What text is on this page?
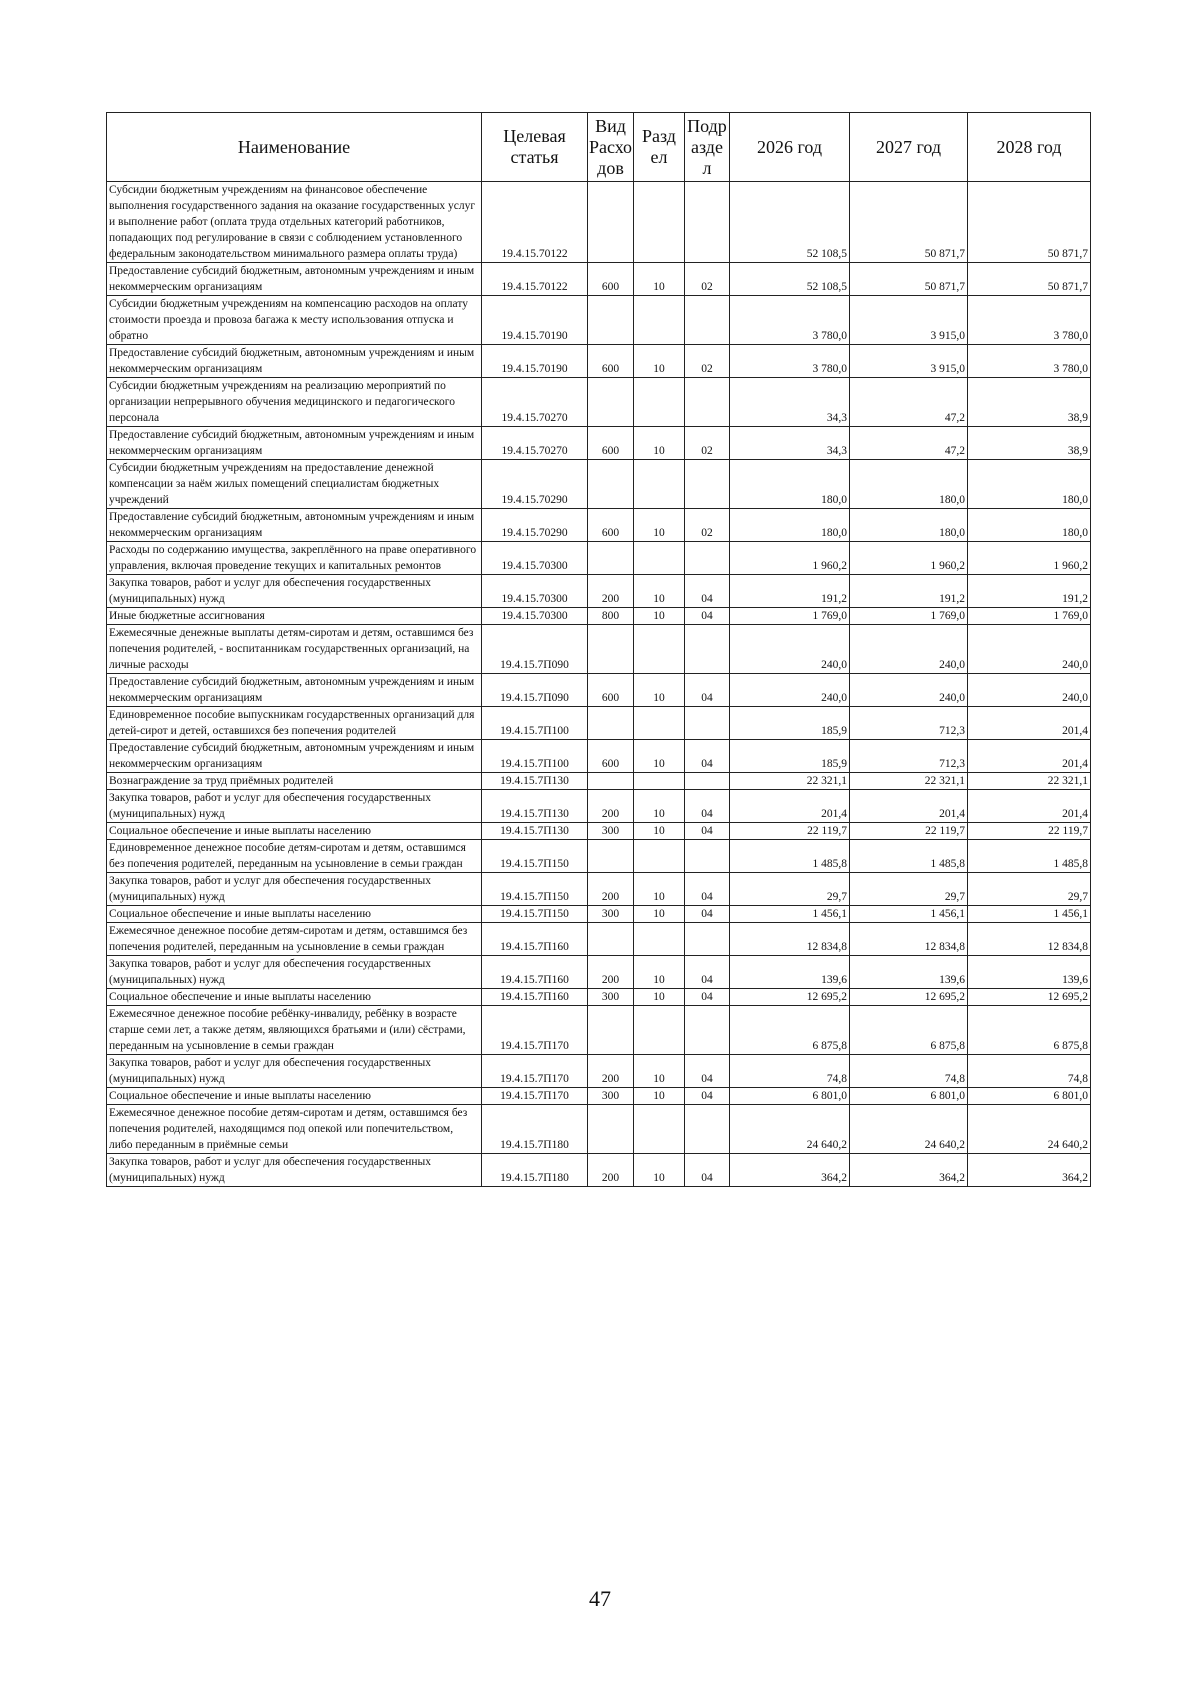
Наименование	Целевая статья	Вид Расхо дов	Разд ел	Подр азде л	2026 год	2027 год	2028 год
Субсидии бюджетным учреждениям на финансовое обеспечение выполнения государственного задания на оказание государственных услуг и выполнение работ (оплата труда отдельных категорий работников, попадающих под регулирование в связи с соблюдением установленного федеральным законодательством минимального размера оплаты труда)	19.4.15.70122				52 108,5	50 871,7	50 871,7
Предоставление субсидий бюджетным, автономным учреждениям и иным некоммерческим организациям	19.4.15.70122	600	10	02	52 108,5	50 871,7	50 871,7
Субсидии бюджетным учреждениям на компенсацию расходов на оплату стоимости проезда и провоза багажа к месту использования отпуска и обратно	19.4.15.70190				3 780,0	3 915,0	3 780,0
Предоставление субсидий бюджетным, автономным учреждениям и иным некоммерческим организациям	19.4.15.70190	600	10	02	3 780,0	3 915,0	3 780,0
Субсидии бюджетным учреждениям на реализацию мероприятий по организации непрерывного обучения медицинского и педагогического персонала	19.4.15.70270				34,3	47,2	38,9
Предоставление субсидий бюджетным, автономным учреждениям и иным некоммерческим организациям	19.4.15.70270	600	10	02	34,3	47,2	38,9
Субсидии бюджетным учреждениям на предоставление денежной компенсации за наём жилых помещений специалистам бюджетных учреждений	19.4.15.70290				180,0	180,0	180,0
Предоставление субсидий бюджетным, автономным учреждениям и иным некоммерческим организациям	19.4.15.70290	600	10	02	180,0	180,0	180,0
Расходы по содержанию имущества, закреплённого на праве оперативного управления, включая проведение текущих и капитальных ремонтов	19.4.15.70300				1 960,2	1 960,2	1 960,2
Закупка товаров, работ и услуг для обеспечения государственных (муниципальных) нужд	19.4.15.70300	200	10	04	191,2	191,2	191,2
Иные бюджетные ассигнования	19.4.15.70300	800	10	04	1 769,0	1 769,0	1 769,0
Ежемесячные денежные выплаты детям-сиротам и детям, оставшимся без попечения родителей, - воспитанникам государственных организаций, на личные расходы	19.4.15.7П090				240,0	240,0	240,0
Предоставление субсидий бюджетным, автономным учреждениям и иным некоммерческим организациям	19.4.15.7П090	600	10	04	240,0	240,0	240,0
Единовременное пособие выпускникам государственных организаций для детей-сирот и детей, оставшихся без попечения родителей	19.4.15.7П100				185,9	712,3	201,4
Предоставление субсидий бюджетным, автономным учреждениям и иным некоммерческим организациям	19.4.15.7П100	600	10	04	185,9	712,3	201,4
Вознаграждение за труд приёмных родителей	19.4.15.7П130				22 321,1	22 321,1	22 321,1
Закупка товаров, работ и услуг для обеспечения государственных (муниципальных) нужд	19.4.15.7П130	200	10	04	201,4	201,4	201,4
Социальное обеспечение и иные выплаты населению	19.4.15.7П130	300	10	04	22 119,7	22 119,7	22 119,7
Единовременное денежное пособие детям-сиротам и детям, оставшимся без попечения родителей, переданным на усыновление в семьи граждан	19.4.15.7П150				1 485,8	1 485,8	1 485,8
Закупка товаров, работ и услуг для обеспечения государственных (муниципальных) нужд	19.4.15.7П150	200	10	04	29,7	29,7	29,7
Социальное обеспечение и иные выплаты населению	19.4.15.7П150	300	10	04	1 456,1	1 456,1	1 456,1
Ежемесячное денежное пособие детям-сиротам и детям, оставшимся без попечения родителей, переданным на усыновление в семьи граждан	19.4.15.7П160				12 834,8	12 834,8	12 834,8
Закупка товаров, работ и услуг для обеспечения государственных (муниципальных) нужд	19.4.15.7П160	200	10	04	139,6	139,6	139,6
Социальное обеспечение и иные выплаты населению	19.4.15.7П160	300	10	04	12 695,2	12 695,2	12 695,2
Ежемесячное денежное пособие ребёнку-инвалиду, ребёнку в возрасте старше семи лет, а также детям, являющихся братьями и (или) сёстрами, переданным на усыновление в семьи граждан	19.4.15.7П170				6 875,8	6 875,8	6 875,8
Закупка товаров, работ и услуг для обеспечения государственных (муниципальных) нужд	19.4.15.7П170	200	10	04	74,8	74,8	74,8
Социальное обеспечение и иные выплаты населению	19.4.15.7П170	300	10	04	6 801,0	6 801,0	6 801,0
Ежемесячное денежное пособие детям-сиротам и детям, оставшимся без попечения родителей, находящимся под опекой или попечительством, либо переданным в приёмные семьи	19.4.15.7П180				24 640,2	24 640,2	24 640,2
Закупка товаров, работ и услуг для обеспечения государственных (муниципальных) нужд	19.4.15.7П180	200	10	04	364,2	364,2	364,2
47
